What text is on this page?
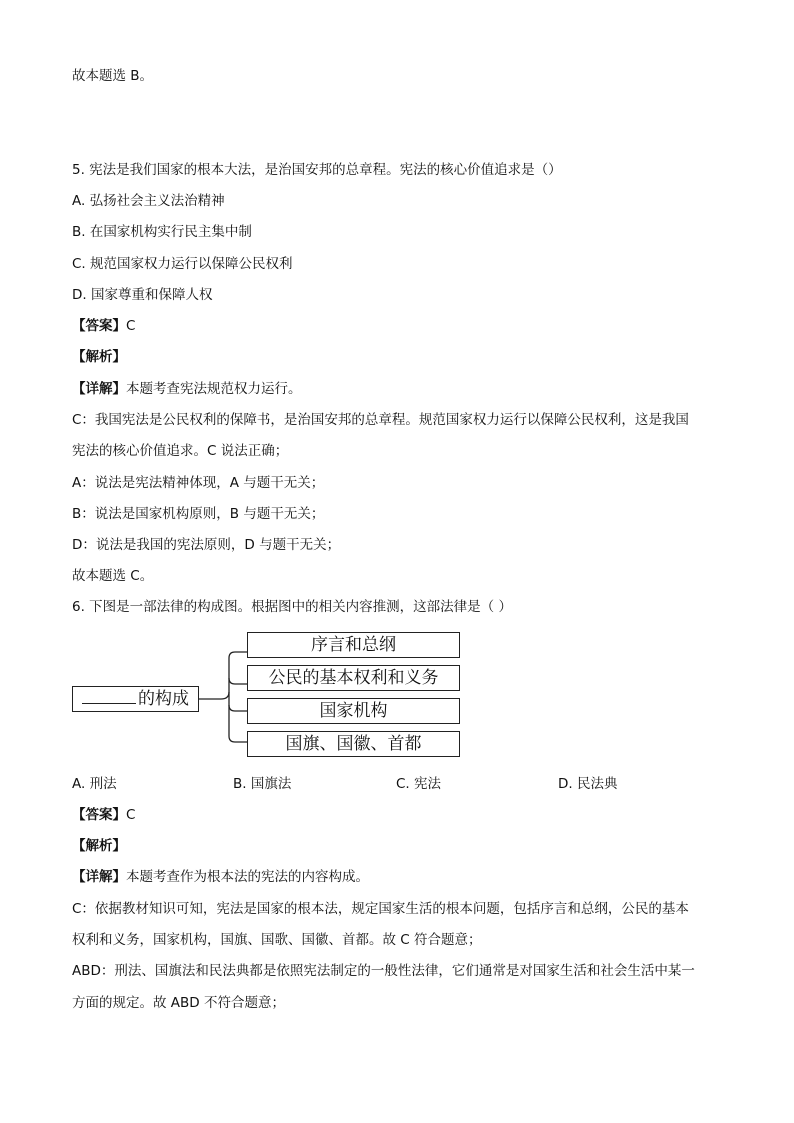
故本题选 B。
5. 宪法是我们国家的根本大法，是治国安邦的总章程。宪法的核心价值追求是（）
A. 弘扬社会主义法治精神
B. 在国家机构实行民主集中制
C. 规范国家权力运行以保障公民权利
D. 国家尊重和保障人权
【答案】C
【解析】
【详解】本题考查宪法规范权力运行。
C：我国宪法是公民权利的保障书，是治国安邦的总章程。规范国家权力运行以保障公民权利，这是我国
宪法的核心价值追求。C 说法正确；
A：说法是宪法精神体现，A 与题干无关；
B：说法是国家机构原则，B 与题干无关；
D：说法是我国的宪法原则，D 与题干无关；
故本题选 C。
6. 下图是一部法律的构成图。根据图中的相关内容推测，这部法律是（ ）
的构成
序言和总纲
公民的基本权利和义务
国家机构
国旗、国徽、首都
A. 刑法	B. 国旗法	C. 宪法	D. 民法典
【答案】C
【解析】
【详解】本题考查作为根本法的宪法的内容构成。
C：依据教材知识可知，宪法是国家的根本法，规定国家生活的根本问题，包括序言和总纲，公民的基本
权利和义务，国家机构，国旗、国歌、国徽、首都。故 C 符合题意；
ABD：刑法、国旗法和民法典都是依照宪法制定的一般性法律，它们通常是对国家生活和社会生活中某一
方面的规定。故 ABD 不符合题意；
